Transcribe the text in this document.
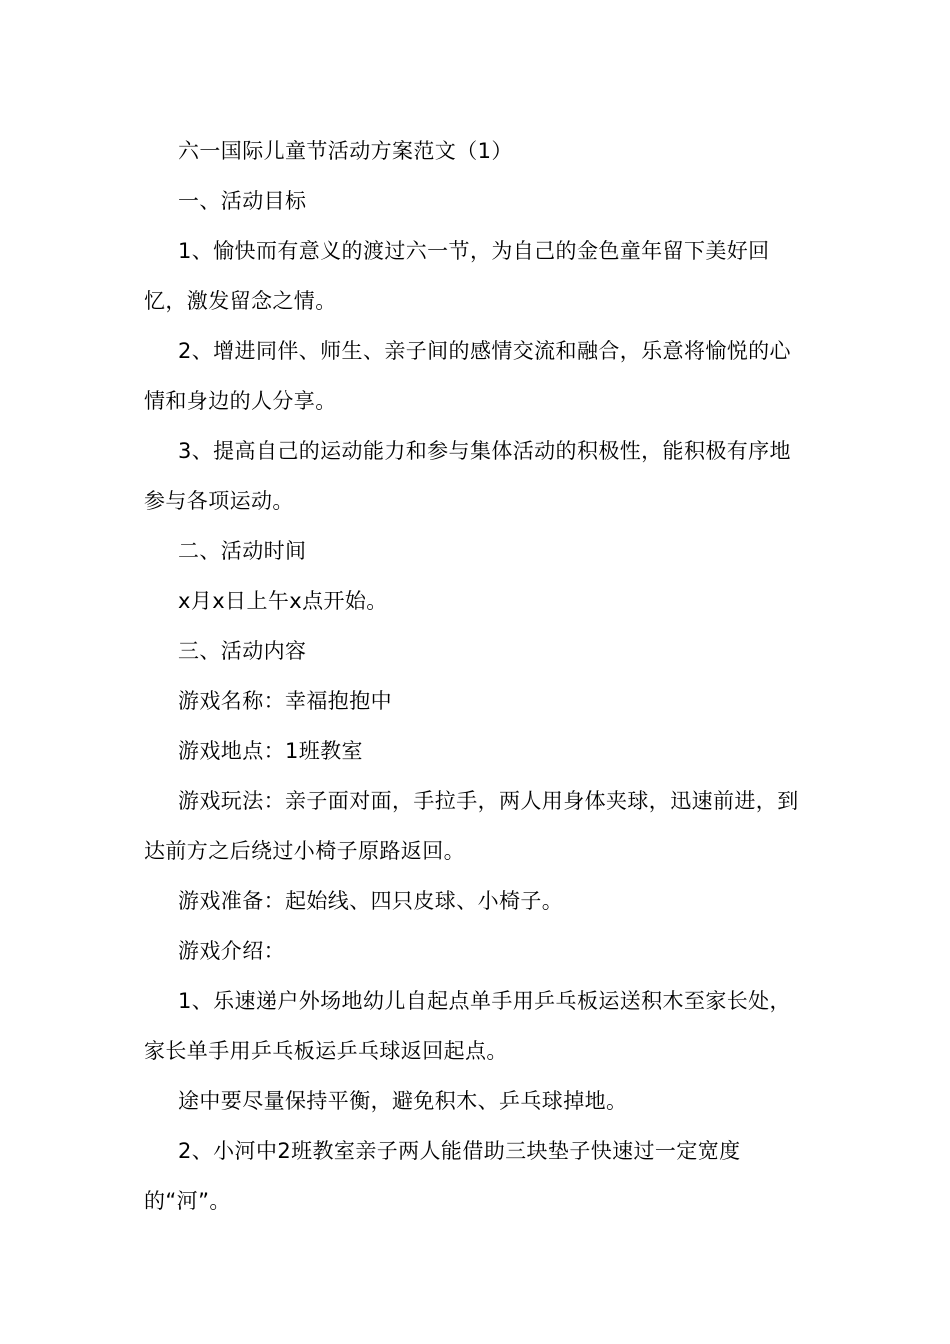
六一国际儿童节活动方案范文（1）

一、活动目标

1、愉快而有意义的渡过六一节，为自己的金色童年留下美好回忆，激发留念之情。

2、增进同伴、师生、亲子间的感情交流和融合，乐意将愉悦的心情和身边的人分享。

3、提高自己的运动能力和参与集体活动的积极性，能积极有序地参与各项运动。

二、活动时间

x月x日上午x点开始。

三、活动内容

游戏名称：幸福抱抱中

游戏地点：1班教室

游戏玩法：亲子面对面，手拉手，两人用身体夹球，迅速前进，到达前方之后绕过小椅子原路返回。

游戏准备：起始线、四只皮球、小椅子。

游戏介绍：

1、乐速递户外场地幼儿自起点单手用乒乓板运送积木至家长处，家长单手用乒乓板运乒乓球返回起点。

途中要尽量保持平衡，避免积木、乒乓球掉地。

2、小河中2班教室亲子两人能借助三块垫子快速过一定宽度的“河”。
